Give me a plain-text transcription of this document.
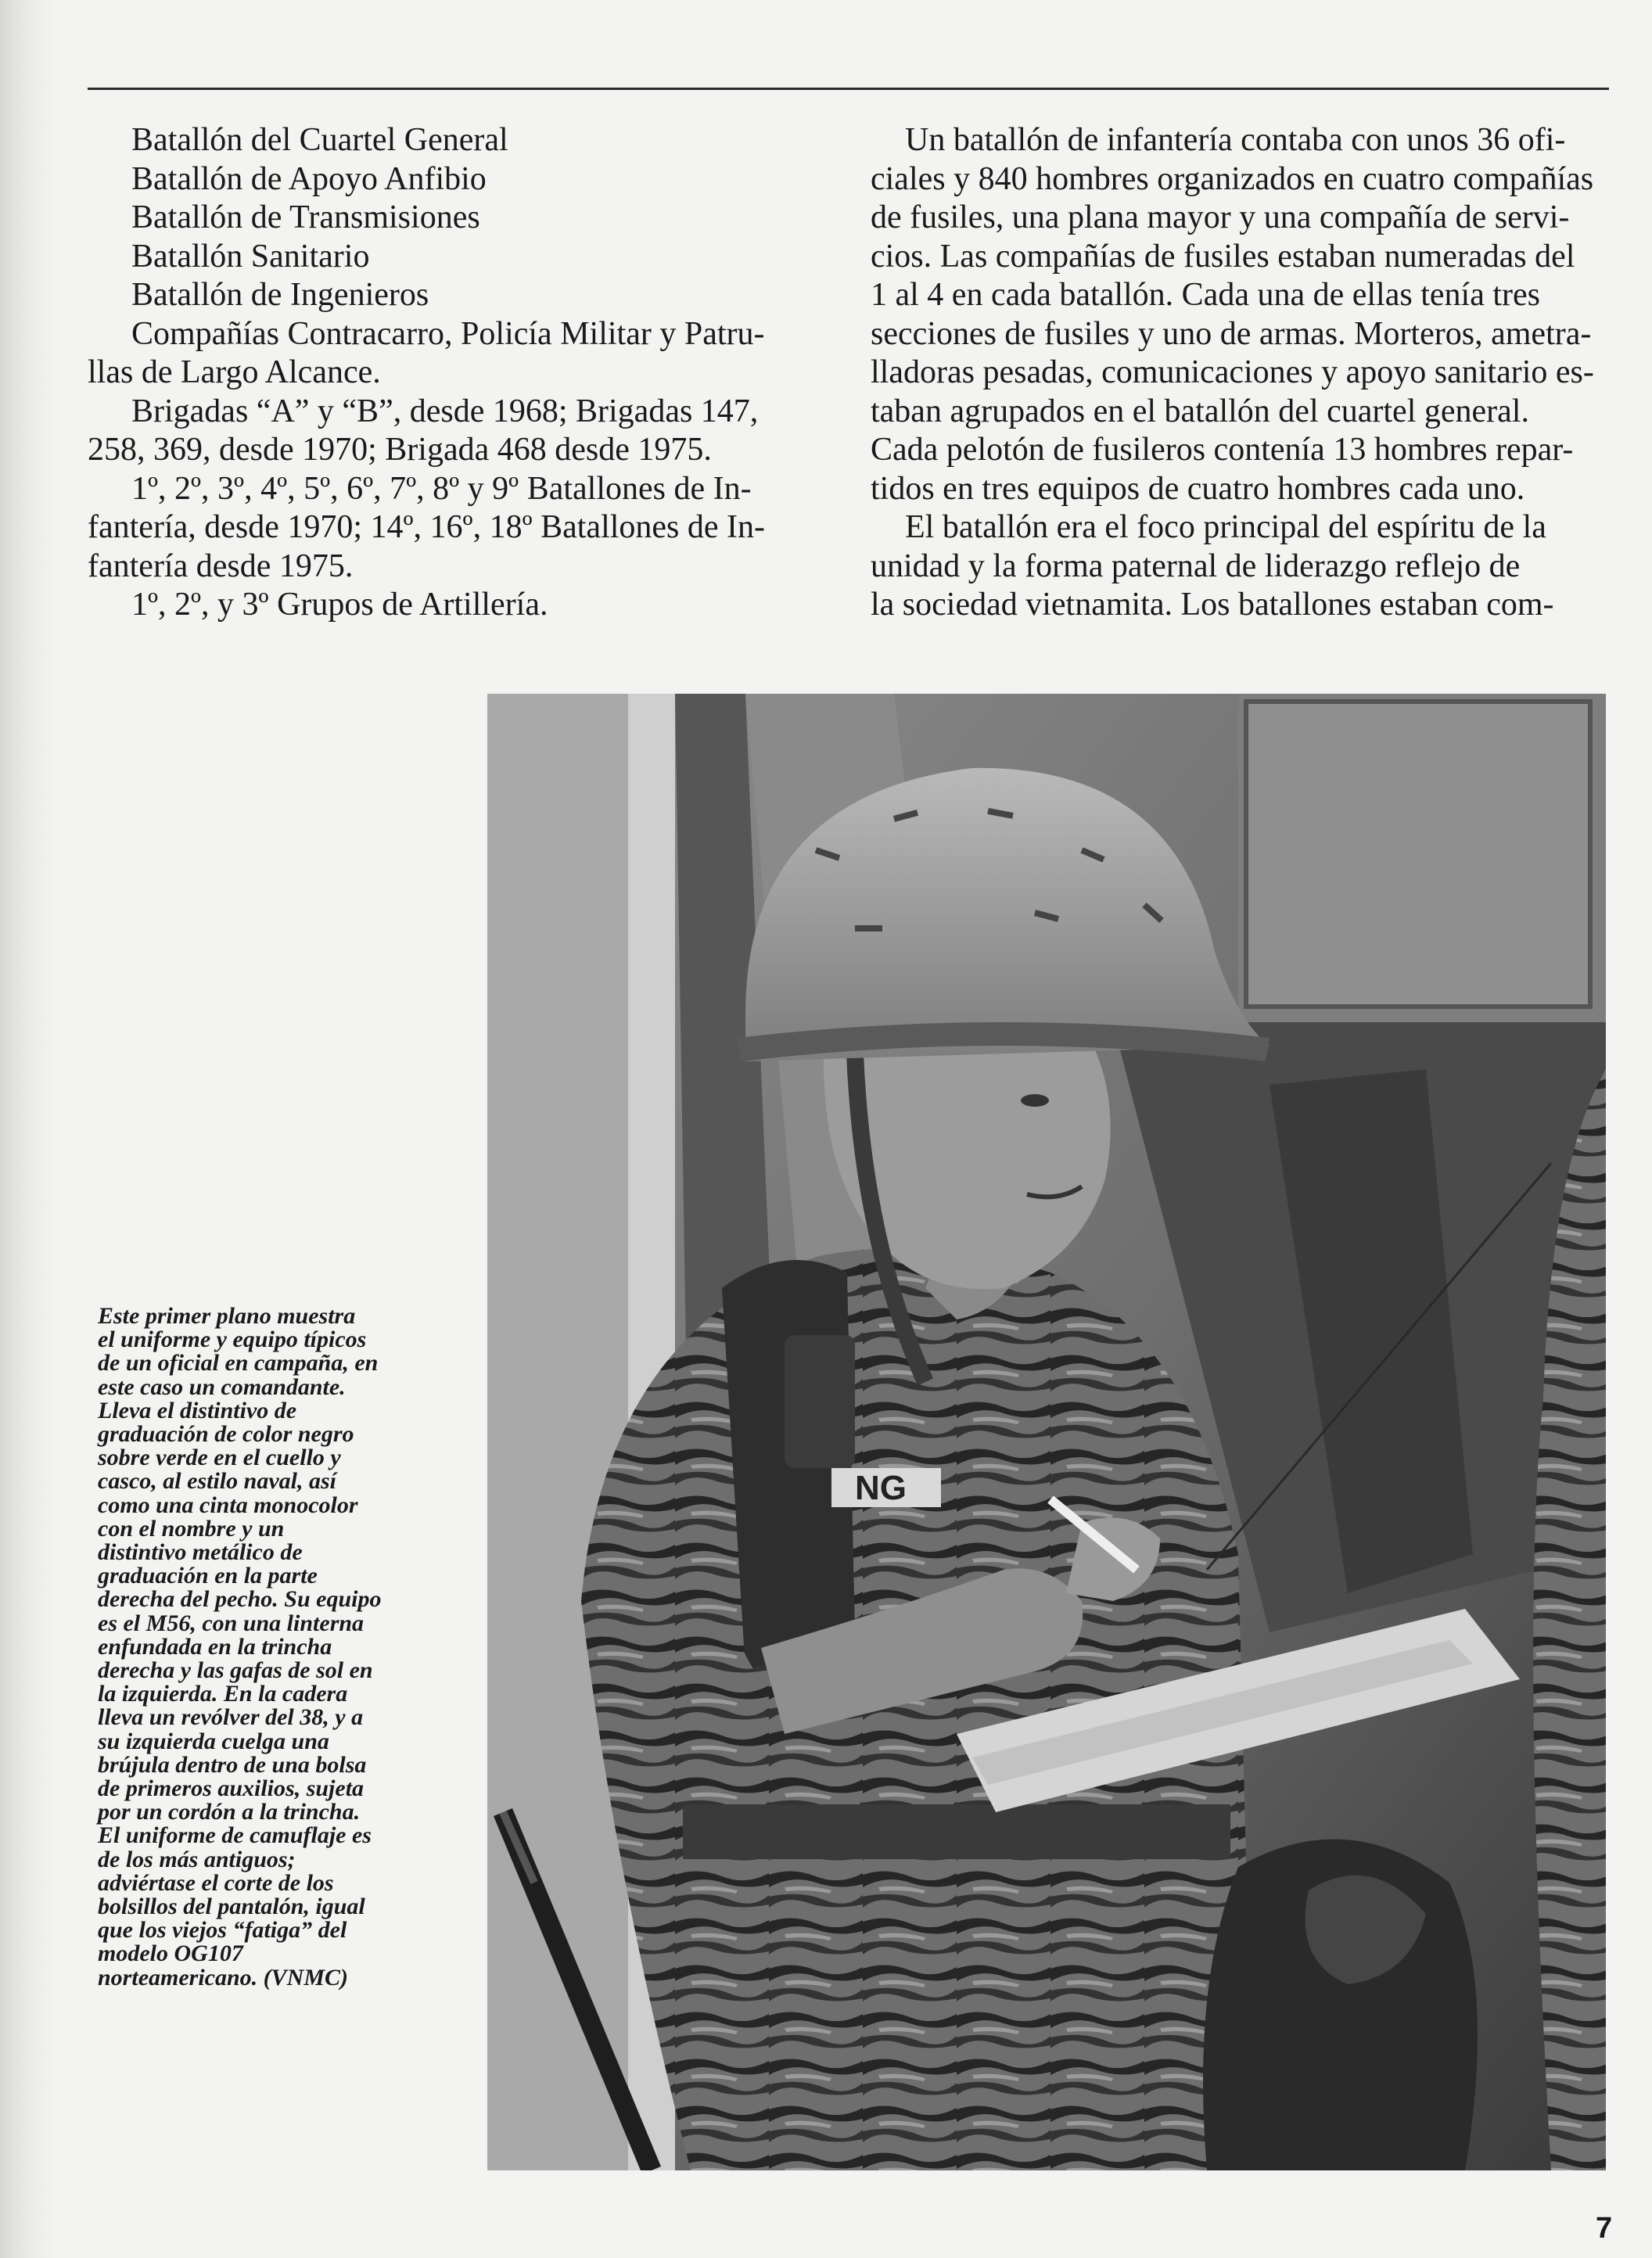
Batallón del Cuartel General

Batallón de Apoyo Anfibio

Batallón de Transmisiones

Batallón Sanitario

Batallón de Ingenieros

Compañías Contracarro, Policía Militar y Patru-

llas de Largo Alcance.

Brigadas “A” y “B”, desde 1968; Brigadas 147,

258, 369, desde 1970; Brigada 468 desde 1975.

1º, 2º, 3º, 4º, 5º, 6º, 7º, 8º y 9º Batallones de In-

fantería, desde 1970; 14º, 16º, 18º Batallones de In-

fantería desde 1975.

1º, 2º, y 3º Grupos de Artillería.

Un batallón de infantería contaba con unos 36 ofi-

ciales y 840 hombres organizados en cuatro compañías

de fusiles, una plana mayor y una compañía de servi-

cios. Las compañías de fusiles estaban numeradas del

1 al 4 en cada batallón. Cada una de ellas tenía tres

secciones de fusiles y uno de armas. Morteros, ametra-

lladoras pesadas, comunicaciones y apoyo sanitario es-

taban agrupados en el batallón del cuartel general.

Cada pelotón de fusileros contenía 13 hombres repar-

tidos en tres equipos de cuatro hombres cada uno.

El batallón era el foco principal del espíritu de la

unidad y la forma paternal de liderazgo reflejo de

la sociedad vietnamita. Los batallones estaban com-

Este primer plano muestra

el uniforme y equipo típicos

de un oficial en campaña, en

este caso un comandante.

Lleva el distintivo de

graduación de color negro

sobre verde en el cuello y

casco, al estilo naval, así

como una cinta monocolor

con el nombre y un

distintivo metálico de

graduación en la parte

derecha del pecho. Su equipo

es el M56, con una linterna

enfundada en la trincha

derecha y las gafas de sol en

la izquierda. En la cadera

lleva un revólver del 38, y a

su izquierda cuelga una

brújula dentro de una bolsa

de primeros auxilios, sujeta

por un cordón a la trincha.

El uniforme de camuflaje es

de los más antiguos;

adviértase el corte de los

bolsillos del pantalón, igual

que los viejos “fatiga” del

modelo OG107

norteamericano. (VNMC)

NG
7
